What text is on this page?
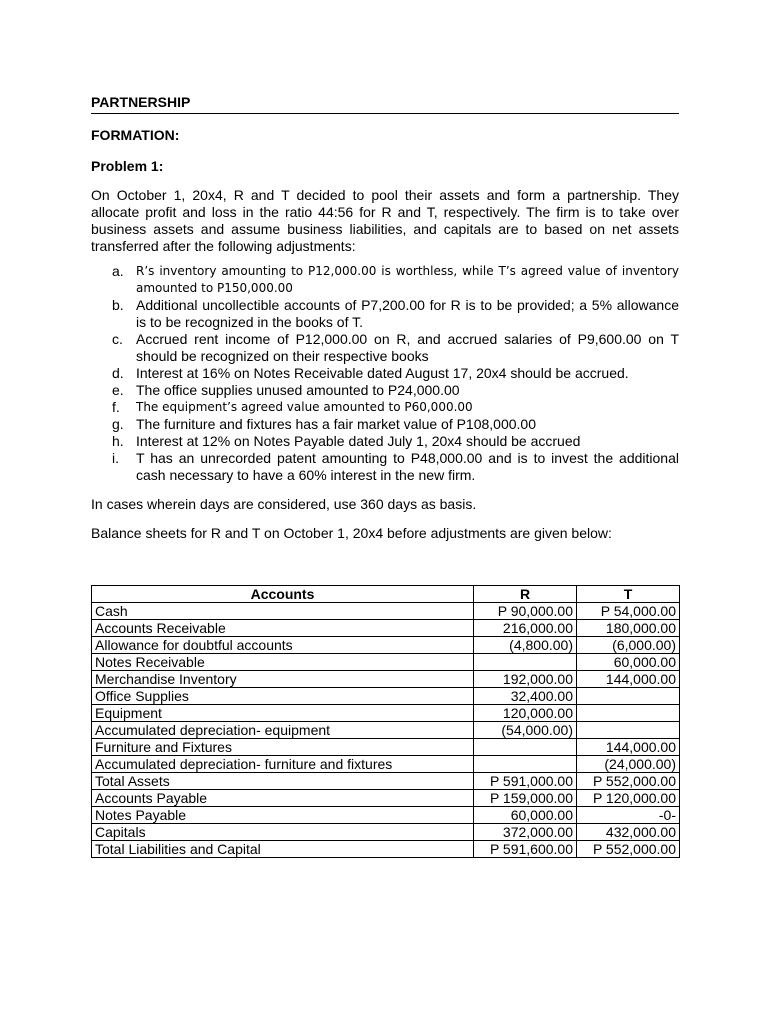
PARTNERSHIP
FORMATION:
Problem 1:
On October 1, 20x4, R and T decided to pool their assets and form a partnership. They allocate profit and loss in the ratio 44:56 for R and T, respectively. The firm is to take over business assets and assume business liabilities, and capitals are to based on net assets transferred after the following adjustments:
a.	R’s inventory amounting to P12,000.00 is worthless, while T’s agreed value of inventory amounted to P150,000.00
b. Additional uncollectible accounts of P7,200.00 for R is to be provided; a 5% allowance is to be recognized in the books of T.
c. Accrued rent income of P12,000.00 on R, and accrued salaries of P9,600.00 on T should be recognized on their respective books
d. Interest at 16% on Notes Receivable dated August 17, 20x4 should be accrued.
e. The office supplies unused amounted to P24,000.00
f.	The equipment’s agreed value amounted to P60,000.00
g. The furniture and fixtures has a fair market value of P108,000.00
h. Interest at 12% on Notes Payable dated July 1, 20x4 should be accrued
i.	T has an unrecorded patent amounting to P48,000.00 and is to invest the additional cash necessary to have a 60% interest in the new firm.
In cases wherein days are considered, use 360 days as basis.
Balance sheets for R and T on October 1, 20x4 before adjustments are given below:
Accounts	R	T
Cash	P 90,000.00	P 54,000.00
Accounts Receivable	216,000.00	180,000.00
Allowance for doubtful accounts	(4,800.00)	(6,000.00)
Notes Receivable		60,000.00
Merchandise Inventory	192,000.00	144,000.00
Office Supplies	32,400.00	
Equipment	120,000.00	
Accumulated depreciation- equipment	(54,000.00)	
Furniture and Fixtures		144,000.00
Accumulated depreciation- furniture and fixtures		(24,000.00)
Total Assets	P 591,000.00	P 552,000.00
Accounts Payable	P 159,000.00	P 120,000.00
Notes Payable	60,000.00	-0-
Capitals	372,000.00	432,000.00
Total Liabilities and Capital	P 591,600.00	P 552,000.00
